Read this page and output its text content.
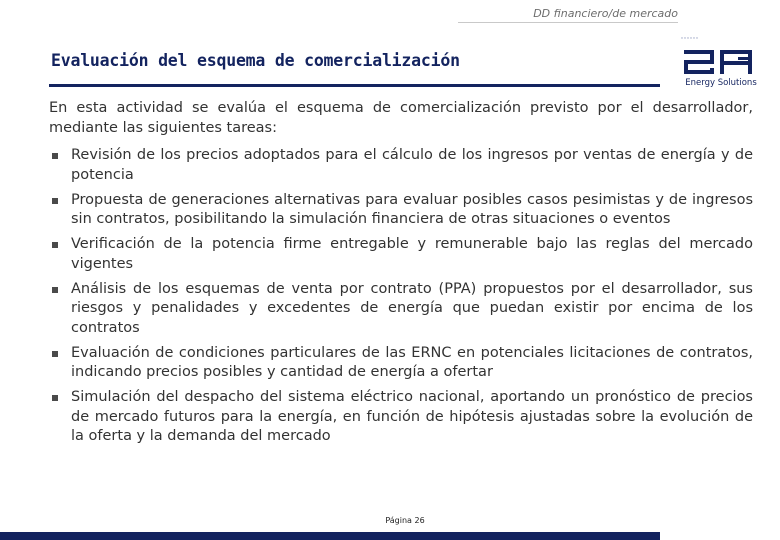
DD financiero/de mercado
Energy Solutions
Evaluación del esquema de comercialización

En esta actividad se evalúa el esquema de comercialización previsto por el desarrollador, mediante las siguientes tareas:

Revisión de los precios adoptados para el cálculo de los ingresos por ventas de energía y de potencia
Propuesta de generaciones alternativas para evaluar posibles casos pesimistas y de ingresos sin contratos, posibilitando la simulación financiera de otras situaciones o eventos
Verificación de la potencia firme entregable y remunerable bajo las reglas del mercado vigentes
Análisis de los esquemas de venta por contrato (PPA) propuestos por el desarrollador, sus riesgos y penalidades y excedentes de energía que puedan existir por encima de los contratos
Evaluación de condiciones particulares de las ERNC en potenciales licitaciones de contratos, indicando precios posibles y cantidad de energía a ofertar
Simulación del despacho del sistema eléctrico nacional, aportando un pronóstico de precios de mercado futuros para la energía, en función de hipótesis ajustadas sobre la evolución de la oferta y la demanda del mercado
Página 26
